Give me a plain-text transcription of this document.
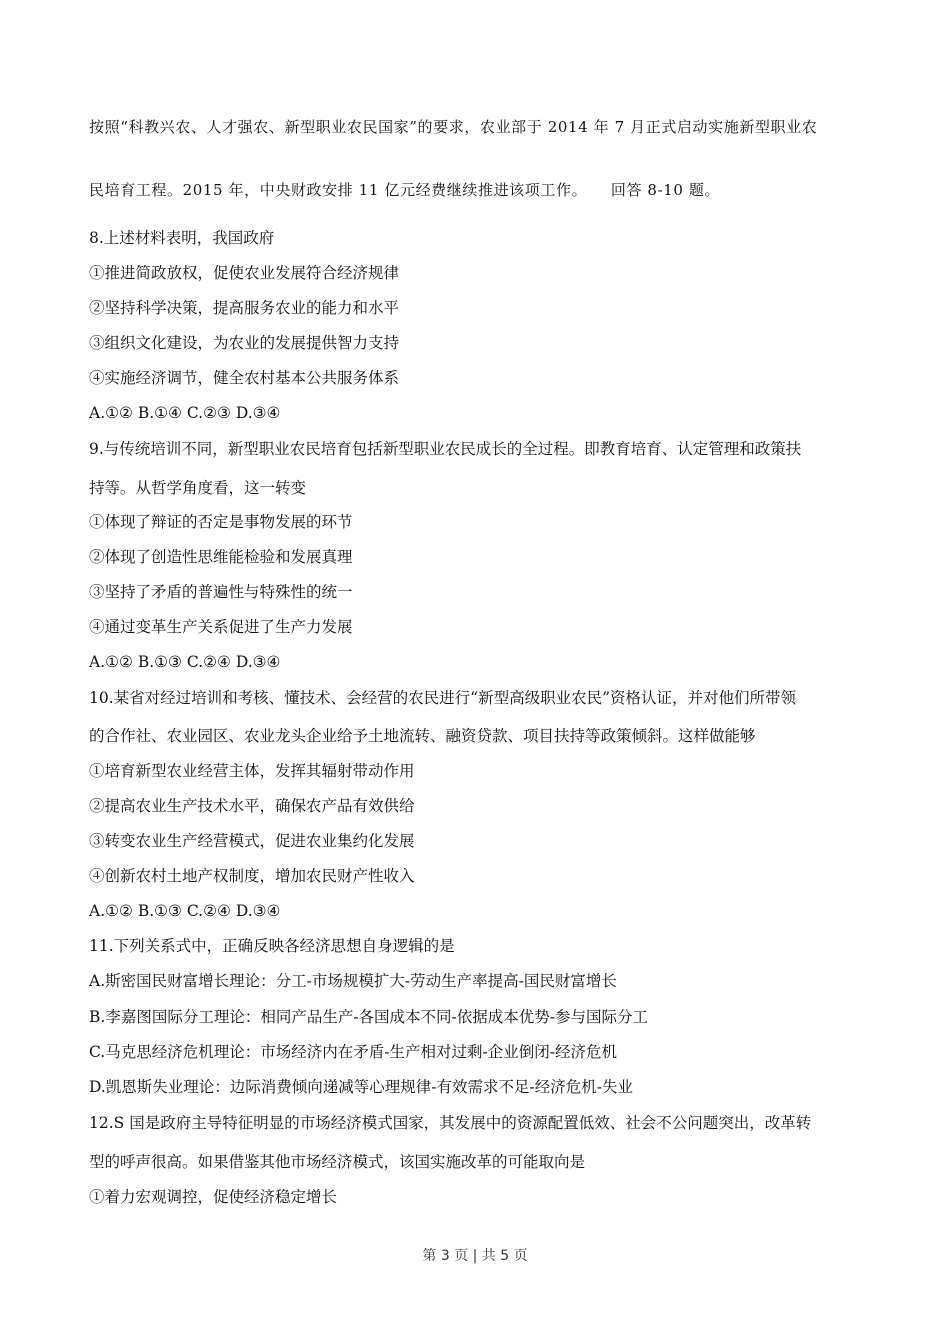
按照“科教兴农、人才强农、新型职业农民国家”的要求，农业部于 2014 年 7 月正式启动实施新型职业农
民培育工程。2015 年，中央财政安排 11 亿元经费继续推进该项工作。　　回答 8-10 题。
8.上述材料表明，我国政府
①推进简政放权，促使农业发展符合经济规律
②坚持科学决策，提高服务农业的能力和水平
③组织文化建设，为农业的发展提供智力支持
④实施经济调节，健全农村基本公共服务体系
A.①② B.①④ C.②③ D.③④
9.与传统培训不同，新型职业农民培育包括新型职业农民成长的全过程。即教育培育、认定管理和政策扶
持等。从哲学角度看，这一转变
①体现了辩证的否定是事物发展的环节
②体现了创造性思维能检验和发展真理
③坚持了矛盾的普遍性与特殊性的统一
④通过变革生产关系促进了生产力发展
A.①② B.①③ C.②④ D.③④
10.某省对经过培训和考核、懂技术、会经营的农民进行“新型高级职业农民”资格认证，并对他们所带领
的合作社、农业园区、农业龙头企业给予土地流转、融资贷款、项目扶持等政策倾斜。这样做能够
①培育新型农业经营主体，发挥其辐射带动作用
②提高农业生产技术水平，确保农产品有效供给
③转变农业生产经营模式，促进农业集约化发展
④创新农村土地产权制度，增加农民财产性收入
A.①② B.①③ C.②④ D.③④
11.下列关系式中，正确反映各经济思想自身逻辑的是
A.斯密国民财富增长理论：分工-市场规模扩大-劳动生产率提高-国民财富增长
B.李嘉图国际分工理论：相同产品生产-各国成本不同-依据成本优势-参与国际分工
C.马克思经济危机理论：市场经济内在矛盾-生产相对过剩-企业倒闭-经济危机
D.凯恩斯失业理论：边际消费倾向递减等心理规律-有效需求不足-经济危机-失业
12.S 国是政府主导特征明显的市场经济模式国家，其发展中的资源配置低效、社会不公问题突出，改革转
型的呼声很高。如果借鉴其他市场经济模式，该国实施改革的可能取向是
①着力宏观调控，促使经济稳定增长
第 3 页 | 共 5 页
